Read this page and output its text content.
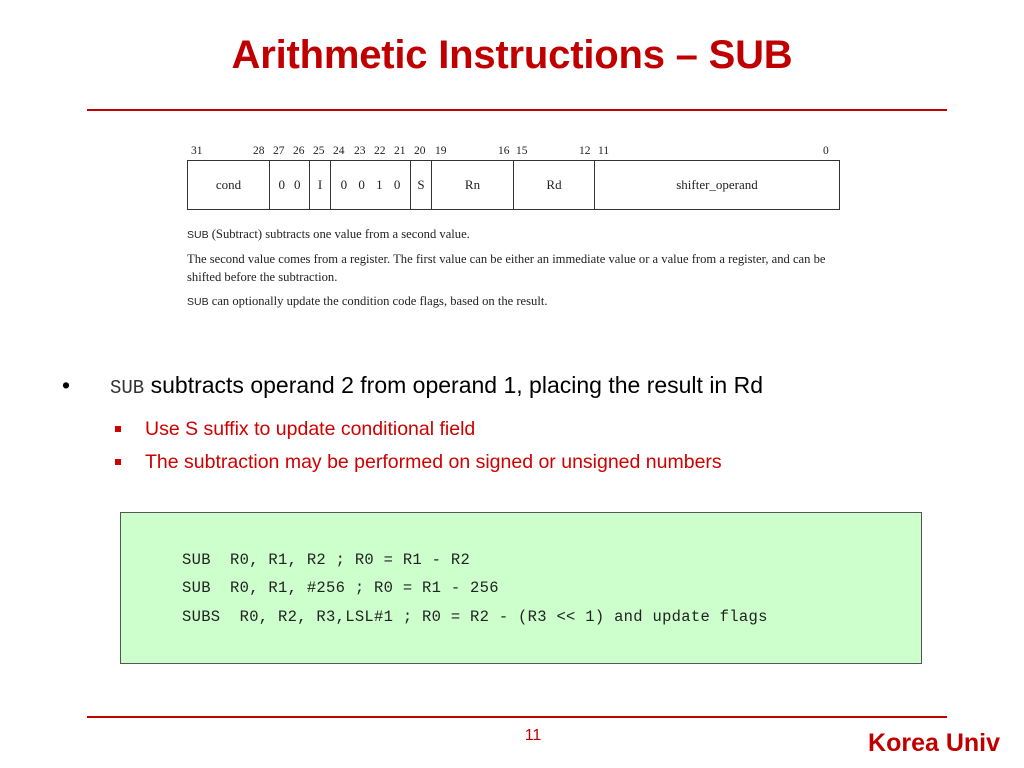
Arithmetic Instructions – SUB
31	28 27 26 25 24 23 22 21 20 19	16 15	12 11	0
cond	0 0	I	0 0 1 0	S	Rn	Rd	shifter_operand

SUB (Subtract) subtracts one value from a second value.

The second value comes from a register. The first value can be either an immediate value or a value from a register, and can be shifted before the subtraction.

SUB can optionally update the condition code flags, based on the result.

• SUB subtracts operand 2 from operand 1, placing the result in Rd
Use S suffix to update conditional field
The subtraction may be performed on signed or unsigned numbers
SUB  R0, R1, R2 ; R0 = R1 - R2
SUB  R0, R1, #256 ; R0 = R1 - 256
SUBS  R0, R2, R3,LSL#1 ; R0 = R2 - (R3 << 1) and update flags
11	Korea Univ
